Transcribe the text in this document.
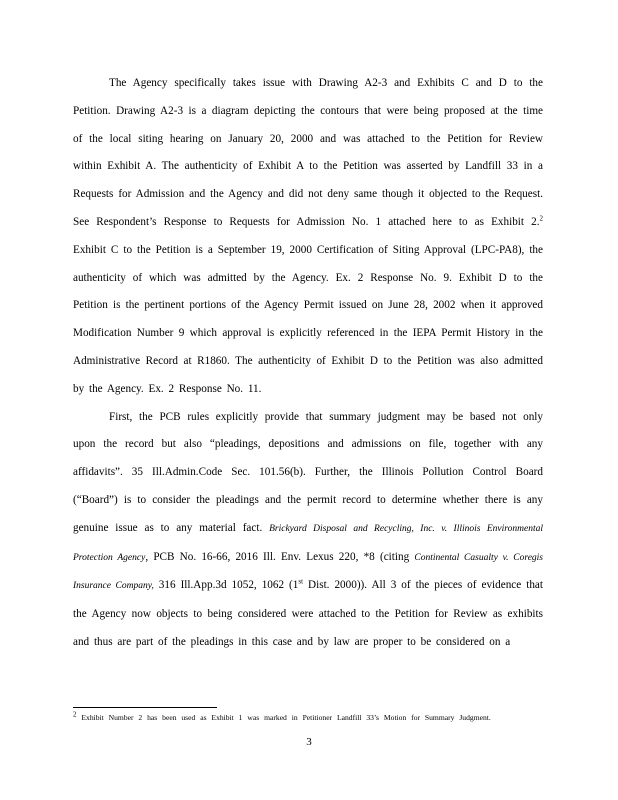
The Agency specifically takes issue with Drawing A2-3 and Exhibits C and D to the Petition. Drawing A2-3 is a diagram depicting the contours that were being proposed at the time of the local siting hearing on January 20, 2000 and was attached to the Petition for Review within Exhibit A. The authenticity of Exhibit A to the Petition was asserted by Landfill 33 in a Requests for Admission and the Agency and did not deny same though it objected to the Request. See Respondent’s Response to Requests for Admission No. 1 attached here to as Exhibit 2.$^2$ Exhibit C to the Petition is a September 19, 2000 Certification of Siting Approval (LPC-PA8), the authenticity of which was admitted by the Agency. Ex. 2 Response No. 9. Exhibit D to the Petition is the pertinent portions of the Agency Permit issued on June 28, 2002 when it approved Modification Number 9 which approval is explicitly referenced in the IEPA Permit History in the Administrative Record at R1860. The authenticity of Exhibit D to the Petition was also admitted by the Agency. Ex. 2 Response No. 11.

First, the PCB rules explicitly provide that summary judgment may be based not only upon the record but also “pleadings, depositions and admissions on file, together with any affidavits”. 35 Ill.Admin.Code Sec. 101.56(b). Further, the Illinois Pollution Control Board (“Board”) is to consider the pleadings and the permit record to determine whether there is any genuine issue as to any material fact. Brickyard Disposal and Recycling, Inc. v. Illinois Environmental Protection Agency, PCB No. 16-66, 2016 Ill. Env. Lexus 220, *8 (citing Continental Casualty v. Coregis Insurance Company, 316 Ill.App.3d 1052, 1062 (1st Dist. 2000)). All 3 of the pieces of evidence that the Agency now objects to being considered were attached to the Petition for Review as exhibits and thus are part of the pleadings in this case and by law are proper to be considered on a

$^2$ Exhibit Number 2 has been used as Exhibit 1 was marked in Petitioner Landfill 33’s Motion for Summary Judgment.
3
